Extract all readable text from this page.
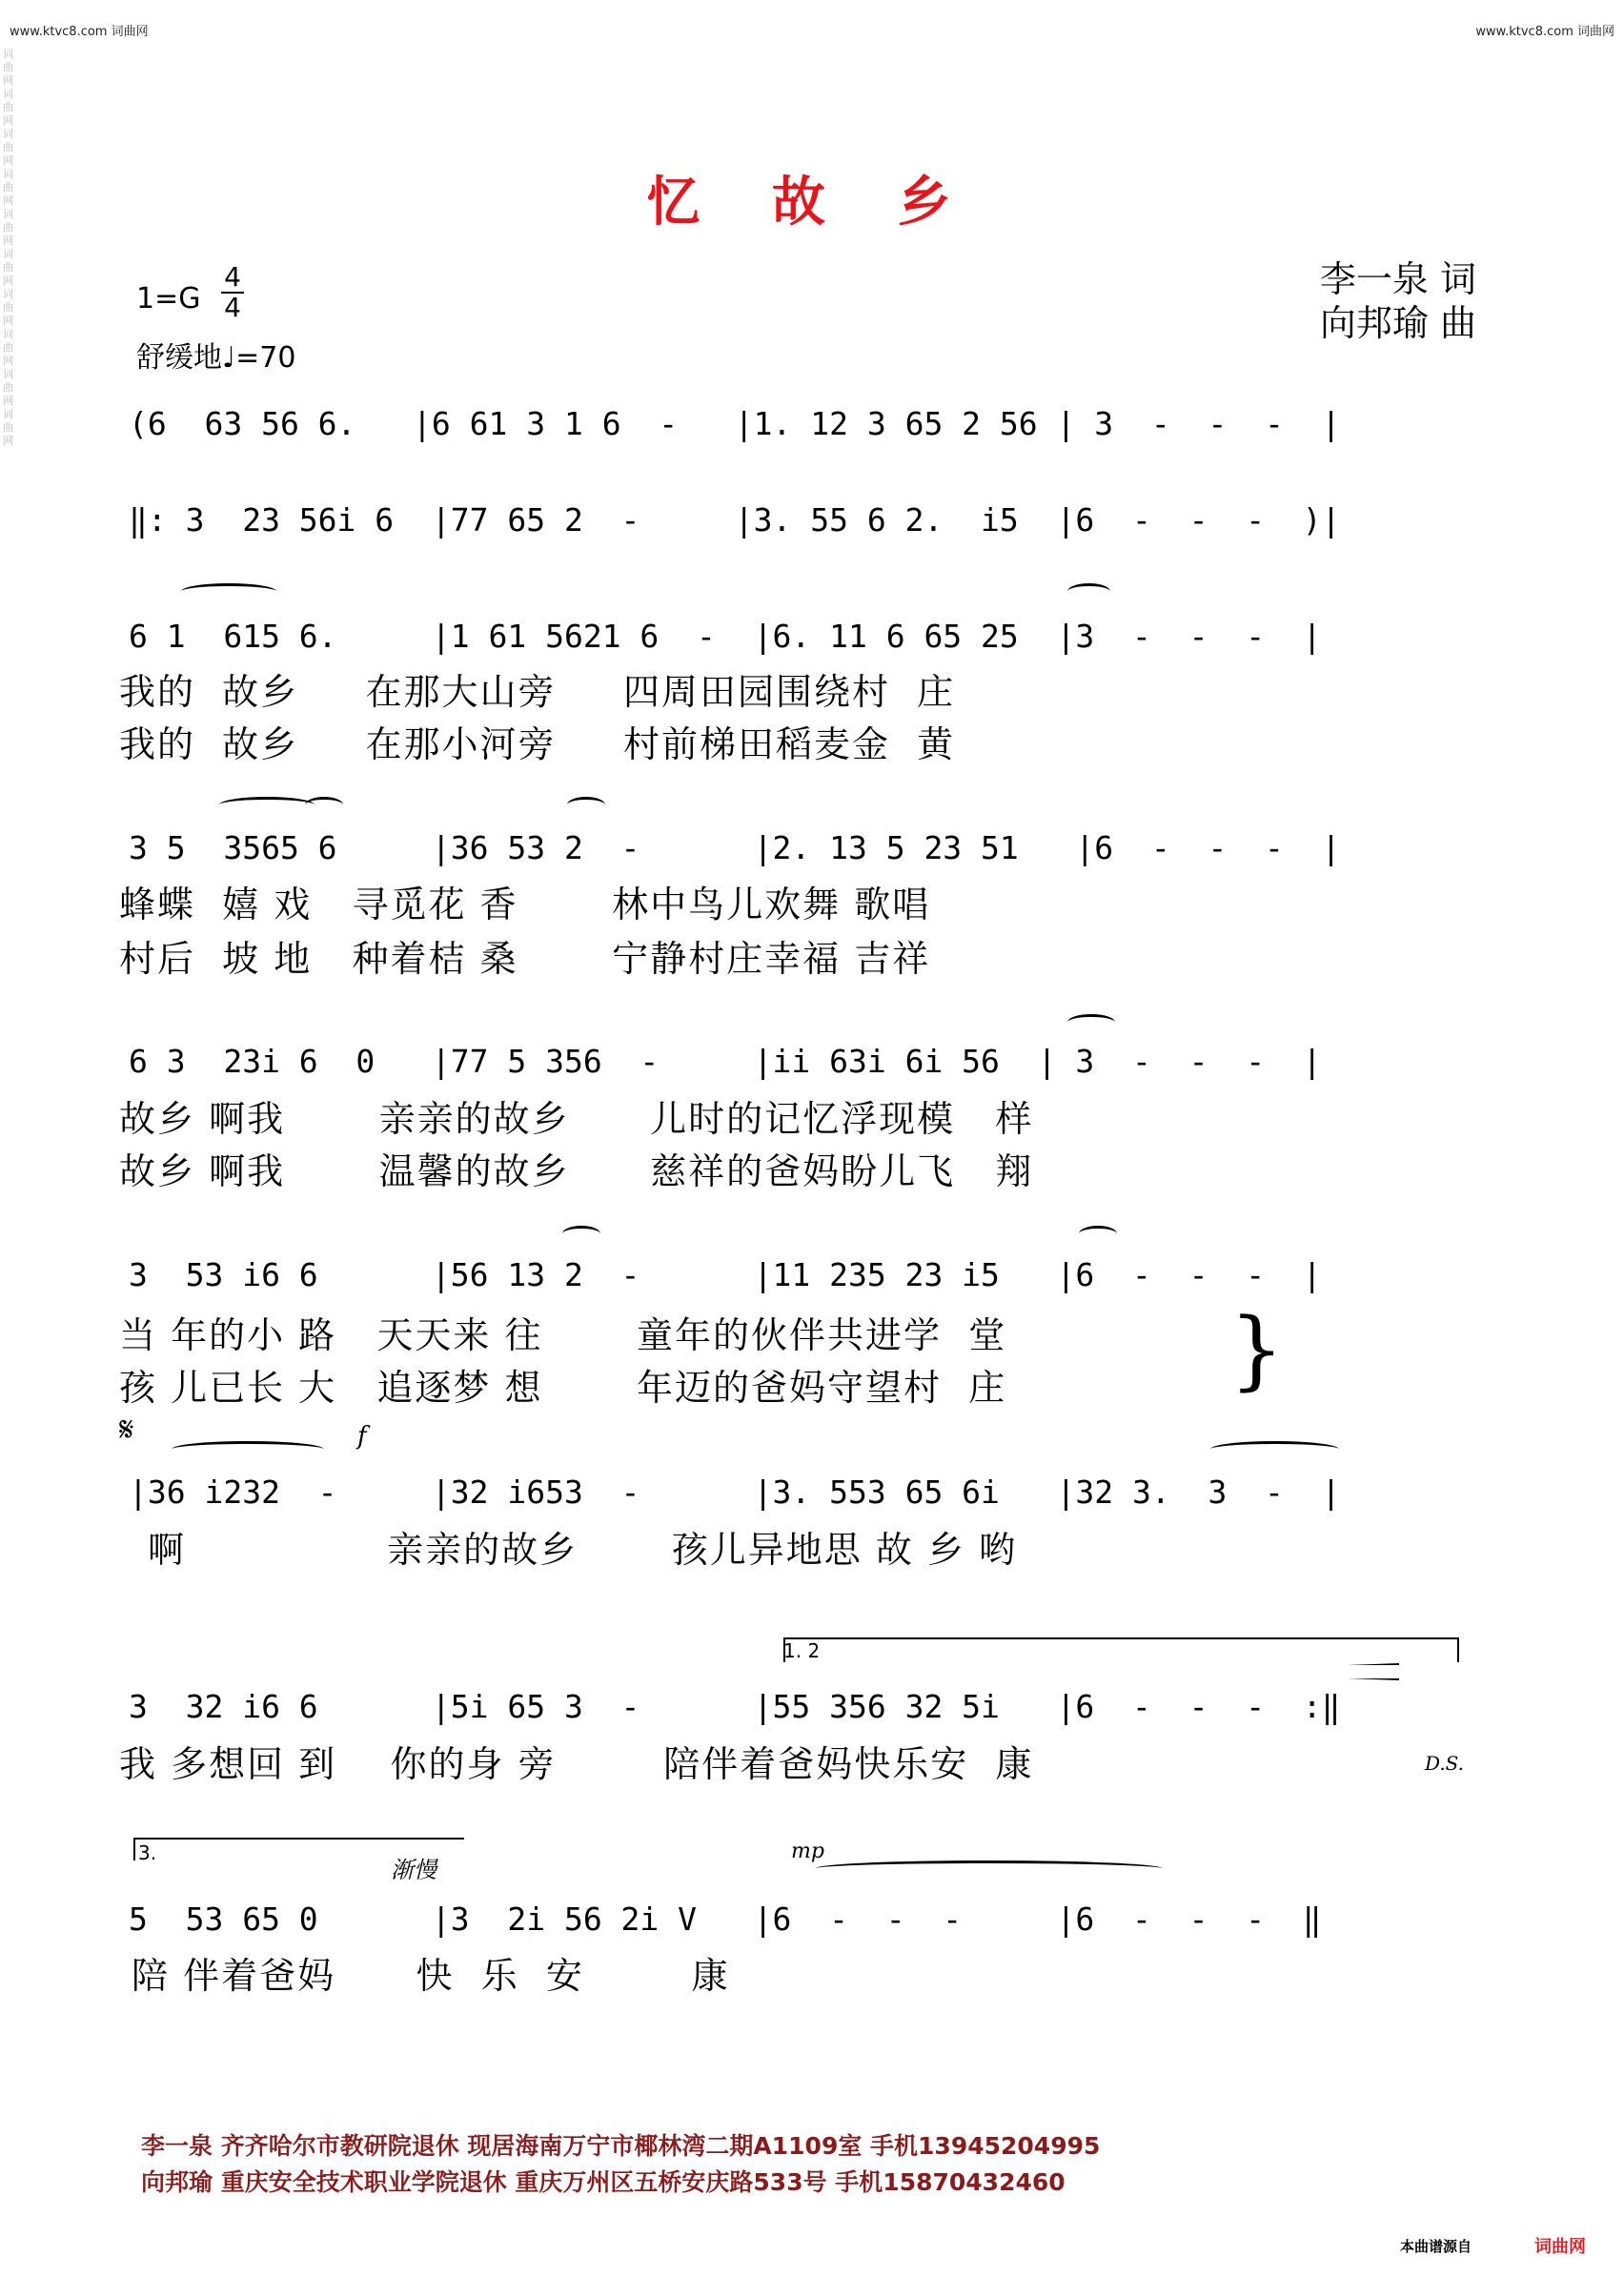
www.ktvc8.com 词曲网	www.ktvc8.com 词曲网
词曲网词曲网词曲网词曲网词曲网词曲网词曲网词曲网词曲网词曲网
忆 故 乡
李一泉 词
向邦瑜 曲
1=G
4
4
舒缓地♩=70
(6  63 56 6.   |6 61 3 1 6  -   |1. 12 3 65 2 56 | 3  -  -  -  |
‖: 3  23 56i 6  |77 65 2  -     |3. 55 6 2.  i5  |6  -  -  -  )|
6 1  615 6.     |1 61 5621 6  -  |6. 11 6 65 25  |3  -  -  -  |
我的  故乡     在那大山旁     四周田园围绕村  庄
我的  故乡     在那小河旁     村前梯田稻麦金  黄
3 5  3565 6     |36 53 2  -      |2. 13 5 23 51   |6  -  -  -  |
蜂蝶  嬉 戏   寻觅花 香       林中鸟儿欢舞 歌唱
村后  坡 地   种着桔 桑       宁静村庄幸福 吉祥
6 3  23i 6  0   |77 5 356  -     |ii 63i 6i 56  | 3  -  -  -  |
故乡 啊我       亲亲的故乡      儿时的记忆浮现模   样
故乡 啊我       温馨的故乡      慈祥的爸妈盼儿飞   翔
3  53 i6 6      |56 13 2  -      |11 235 23 i5   |6  -  -  -  |
当 年的小 路   天天来 往       童年的伙伴共进学  堂
孩 儿已长 大   追逐梦 想       年迈的爸妈守望村  庄	}
𝄋	f
|36 i232  -     |32 i653  -      |3. 553 65 6i   |32 3.  3  -  |
啊               亲亲的故乡       孩儿异地思 故 乡 哟
1. 2
3  32 i6 6      |5i 65 3  -      |55 356 32 5i   |6  -  -  -  :‖
我 多想回 到    你的身 旁        陪伴着爸妈快乐安  康	D.S.
3.
渐慢
mp
5  53 65 0      |3  2i 56 2i V   |6  -  -  -     |6  -  -  -  ‖
陪 伴着爸妈      快  乐  安        康
李一泉 齐齐哈尔市教研院退休 现居海南万宁市椰林湾二期A1109室 手机13945204995
向邦瑜 重庆安全技术职业学院退休 重庆万州区五桥安庆路533号 手机15870432460
本曲谱源自	词曲网
